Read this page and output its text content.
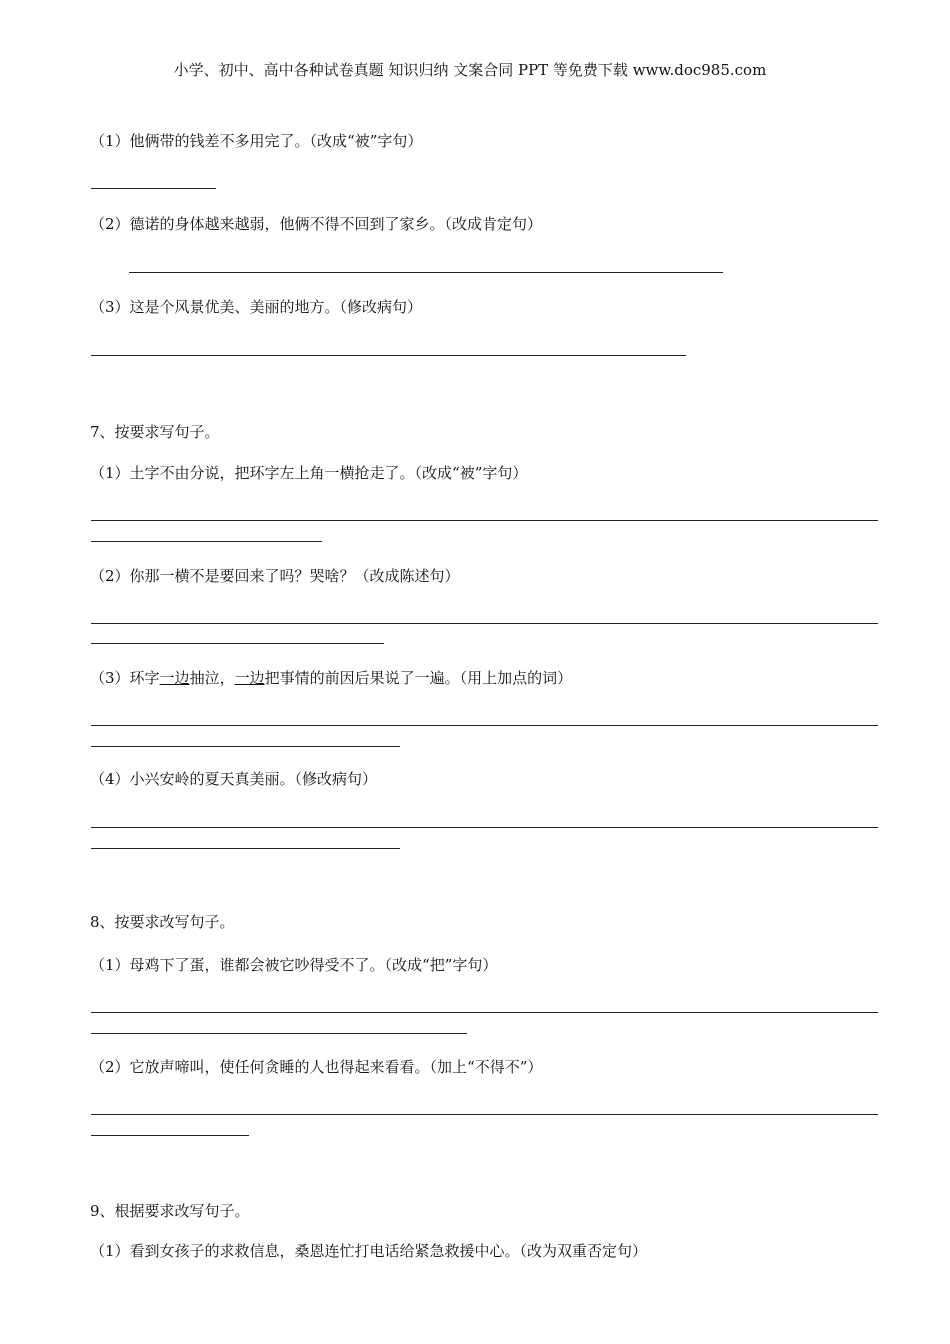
小学、初中、高中各种试卷真题 知识归纳 文案合同 PPT 等免费下载 www.doc985.com
（1）他俩带的钱差不多用完了。（改成“被”字句）
（2）德诺的身体越来越弱，他俩不得不回到了家乡。（改成肯定句）
（3）这是个风景优美、美丽的地方。（修改病句）
7、按要求写句子。
（1）土字不由分说，把环字左上角一横抢走了。（改成“被”字句）
（2）你那一横不是要回来了吗？哭啥？（改成陈述句）
（3）环字一边抽泣，一边把事情的前因后果说了一遍。（用上加点的词）
（4）小兴安岭的夏天真美丽。（修改病句）
8、按要求改写句子。
（1）母鸡下了蛋，谁都会被它吵得受不了。（改成“把”字句）
（2）它放声啼叫，使任何贪睡的人也得起来看看。（加上“不得不”）
9、根据要求改写句子。
（1）看到女孩子的求救信息，桑恩连忙打电话给紧急救援中心。（改为双重否定句）
